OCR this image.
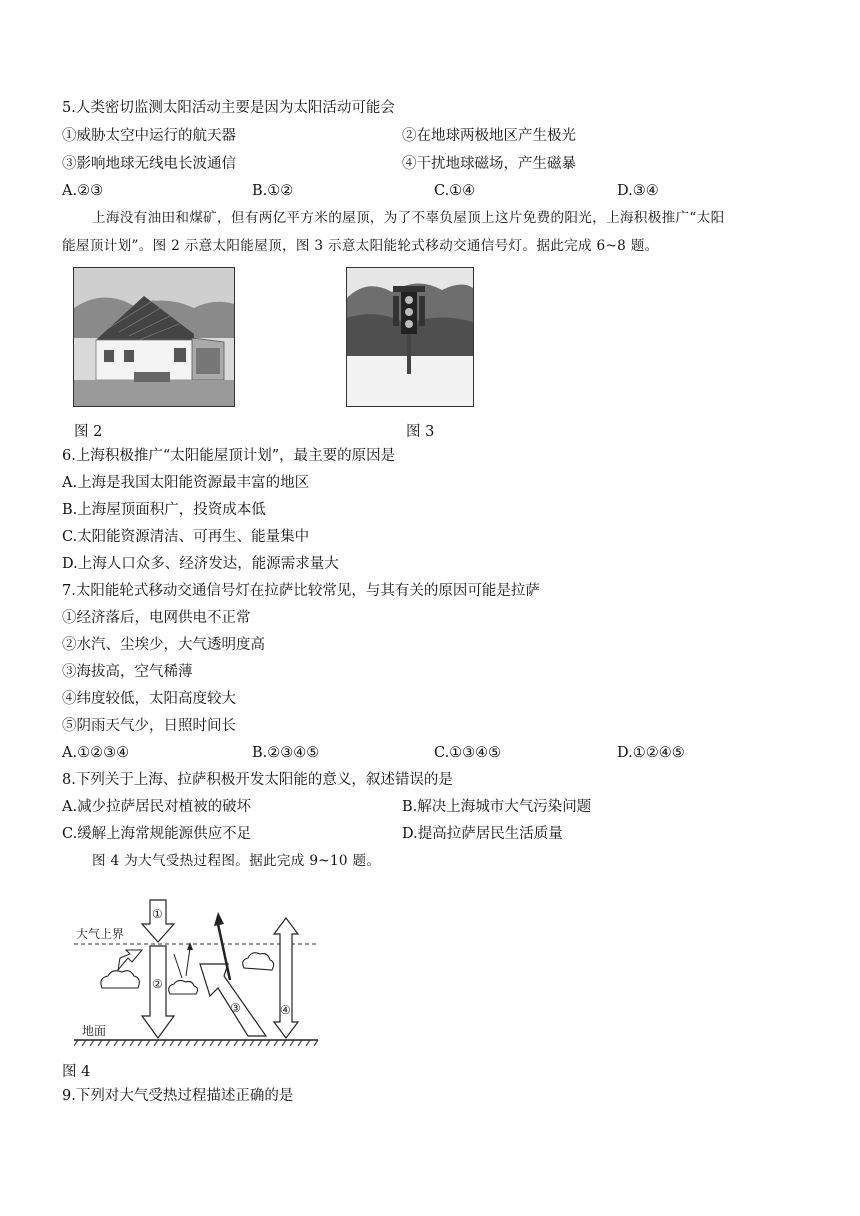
5.人类密切监测太阳活动主要是因为太阳活动可能会
①威胁太空中运行的航天器	②在地球两极地区产生极光
③影响地球无线电长波通信	④干扰地球磁场，产生磁暴
A.②③	B.①②	C.①④	D.③④
上海没有油田和煤矿，但有两亿平方米的屋顶，为了不辜负屋顶上这片免费的阳光，上海积极推广“太阳
能屋顶计划”。图 2 示意太阳能屋顶，图 3 示意太阳能轮式移动交通信号灯。据此完成 6~8 题。
图 2	图 3
6.上海积极推广“太阳能屋顶计划”，最主要的原因是
A.上海是我国太阳能资源最丰富的地区
B.上海屋顶面积广，投资成本低
C.太阳能资源清洁、可再生、能量集中
D.上海人口众多、经济发达，能源需求量大
7.太阳能轮式移动交通信号灯在拉萨比较常见，与其有关的原因可能是拉萨
①经济落后，电网供电不正常
②水汽、尘埃少，大气透明度高
③海拔高，空气稀薄
④纬度较低，太阳高度较大
⑤阴雨天气少，日照时间长
A.①②③④	B.②③④⑤	C.①③④⑤	D.①②④⑤
8.下列关于上海、拉萨积极开发太阳能的意义，叙述错误的是
A.减少拉萨居民对植被的破坏	B.解决上海城市大气污染问题
C.缓解上海常规能源供应不足	D.提高拉萨居民生活质量
图 4 为大气受热过程图。据此完成 9~10 题。
大气上界
地面
①
②
③	④
图 4
9.下列对大气受热过程描述正确的是
